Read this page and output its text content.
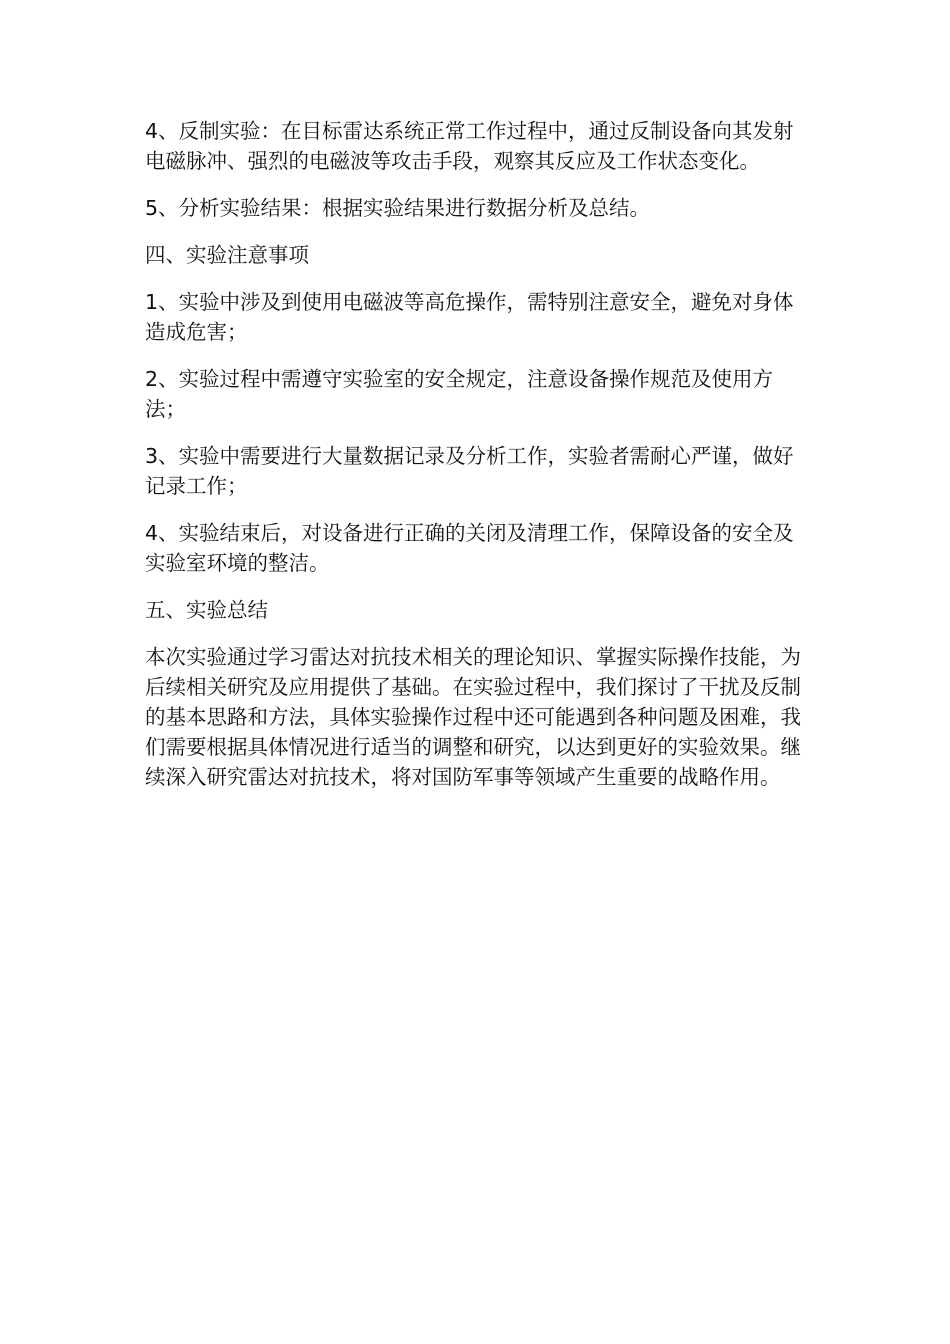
4、反制实验：在目标雷达系统正常工作过程中，通过反制设备向其发射电磁脉冲、强烈的电磁波等攻击手段，观察其反应及工作状态变化。

5、分析实验结果：根据实验结果进行数据分析及总结。

四、实验注意事项

1、实验中涉及到使用电磁波等高危操作，需特别注意安全，避免对身体造成危害；

2、实验过程中需遵守实验室的安全规定，注意设备操作规范及使用方法；

3、实验中需要进行大量数据记录及分析工作，实验者需耐心严谨，做好记录工作；

4、实验结束后，对设备进行正确的关闭及清理工作，保障设备的安全及实验室环境的整洁。

五、实验总结

本次实验通过学习雷达对抗技术相关的理论知识、掌握实际操作技能，为后续相关研究及应用提供了基础。在实验过程中，我们探讨了干扰及反制的基本思路和方法，具体实验操作过程中还可能遇到各种问题及困难，我们需要根据具体情况进行适当的调整和研究，以达到更好的实验效果。继续深入研究雷达对抗技术，将对国防军事等领域产生重要的战略作用。
